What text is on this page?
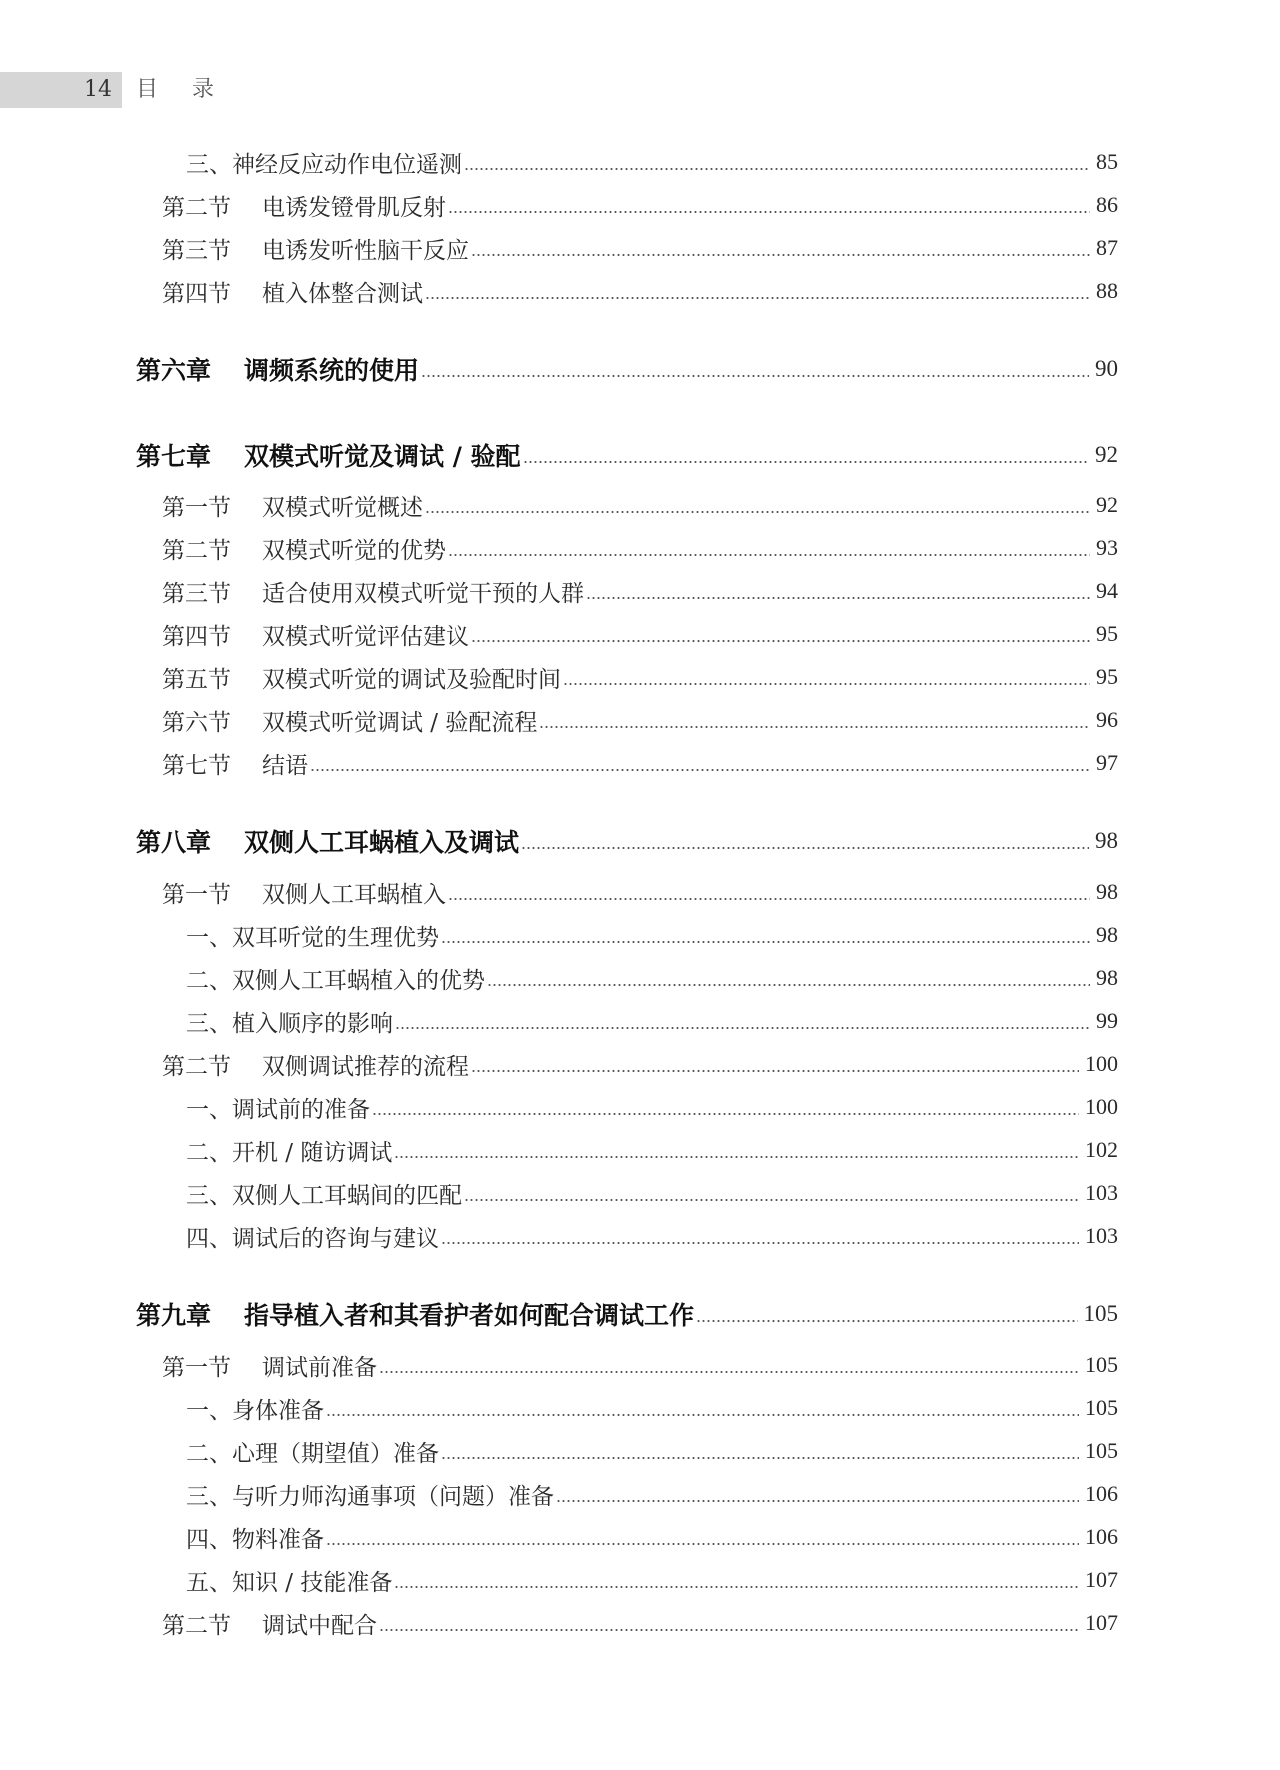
14 目录
三、神经反应动作电位遥测	85
第二节 电诱发镫骨肌反射	86
第三节 电诱发听性脑干反应	87
第四节 植入体整合测试	88
第六章 调频系统的使用	90
第七章 双模式听觉及调试 / 验配	92
第一节 双模式听觉概述	92
第二节 双模式听觉的优势	93
第三节 适合使用双模式听觉干预的人群	94
第四节 双模式听觉评估建议	95
第五节 双模式听觉的调试及验配时间	95
第六节 双模式听觉调试 / 验配流程	96
第七节 结语	97
第八章 双侧人工耳蜗植入及调试	98
第一节 双侧人工耳蜗植入	98
一、双耳听觉的生理优势	98
二、双侧人工耳蜗植入的优势	98
三、植入顺序的影响	99
第二节 双侧调试推荐的流程	100
一、调试前的准备	100
二、开机 / 随访调试	102
三、双侧人工耳蜗间的匹配	103
四、调试后的咨询与建议	103
第九章 指导植入者和其看护者如何配合调试工作	105
第一节 调试前准备	105
一、身体准备	105
二、心理（期望值）准备	105
三、与听力师沟通事项（问题）准备	106
四、物料准备	106
五、知识 / 技能准备	107
第二节 调试中配合	107
